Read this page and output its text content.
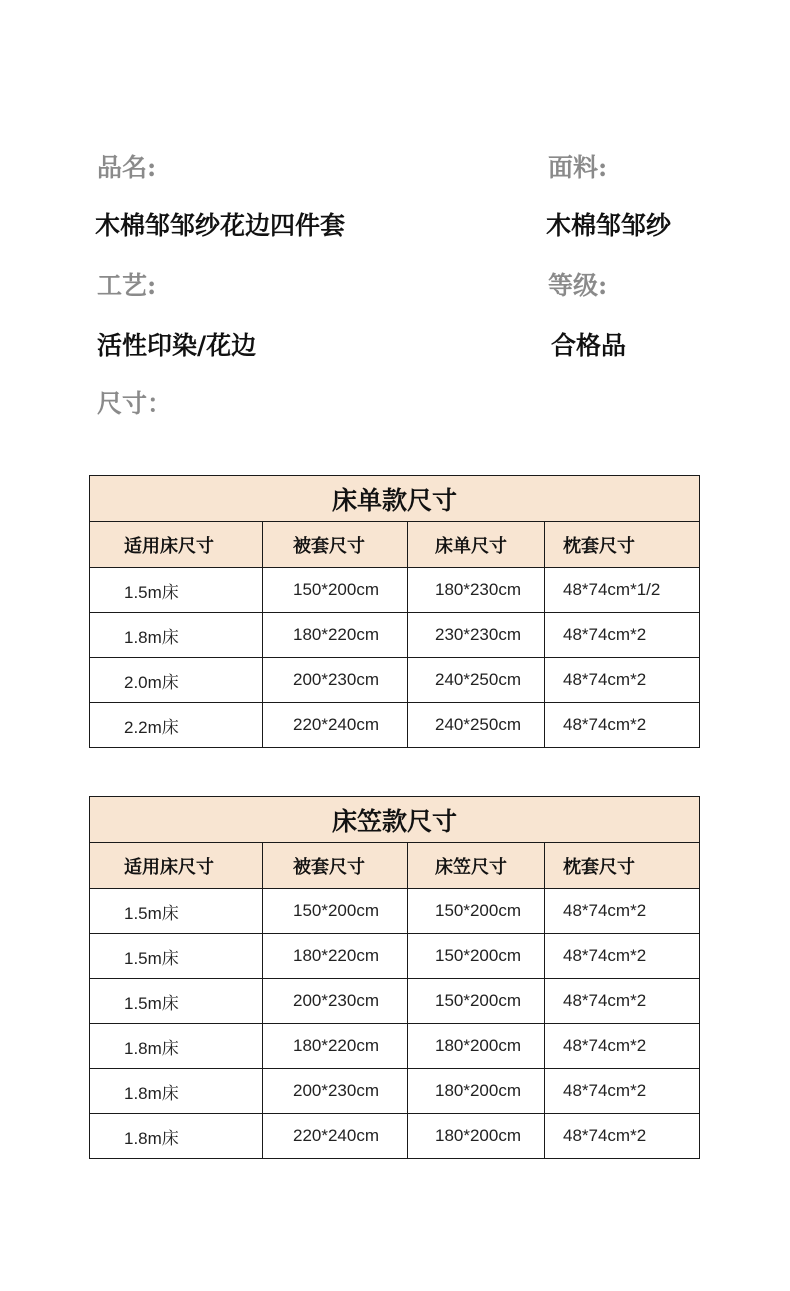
品名:	面料:
木棉邹邹纱花边四件套	木棉邹邹纱
工艺:	等级:
活性印染/花边	合格品
尺寸：
床单款尺寸			
适用床尺寸	被套尺寸	床单尺寸	枕套尺寸
1.5m床	150*200cm	180*230cm	48*74cm*1/2
1.8m床	180*220cm	230*230cm	48*74cm*2
2.0m床	200*230cm	240*250cm	48*74cm*2
2.2m床	220*240cm	240*250cm	48*74cm*2
床笠款尺寸			
适用床尺寸	被套尺寸	床笠尺寸	枕套尺寸
1.5m床	150*200cm	150*200cm	48*74cm*2
1.5m床	180*220cm	150*200cm	48*74cm*2
1.5m床	200*230cm	150*200cm	48*74cm*2
1.8m床	180*220cm	180*200cm	48*74cm*2
1.8m床	200*230cm	180*200cm	48*74cm*2
1.8m床	220*240cm	180*200cm	48*74cm*2
